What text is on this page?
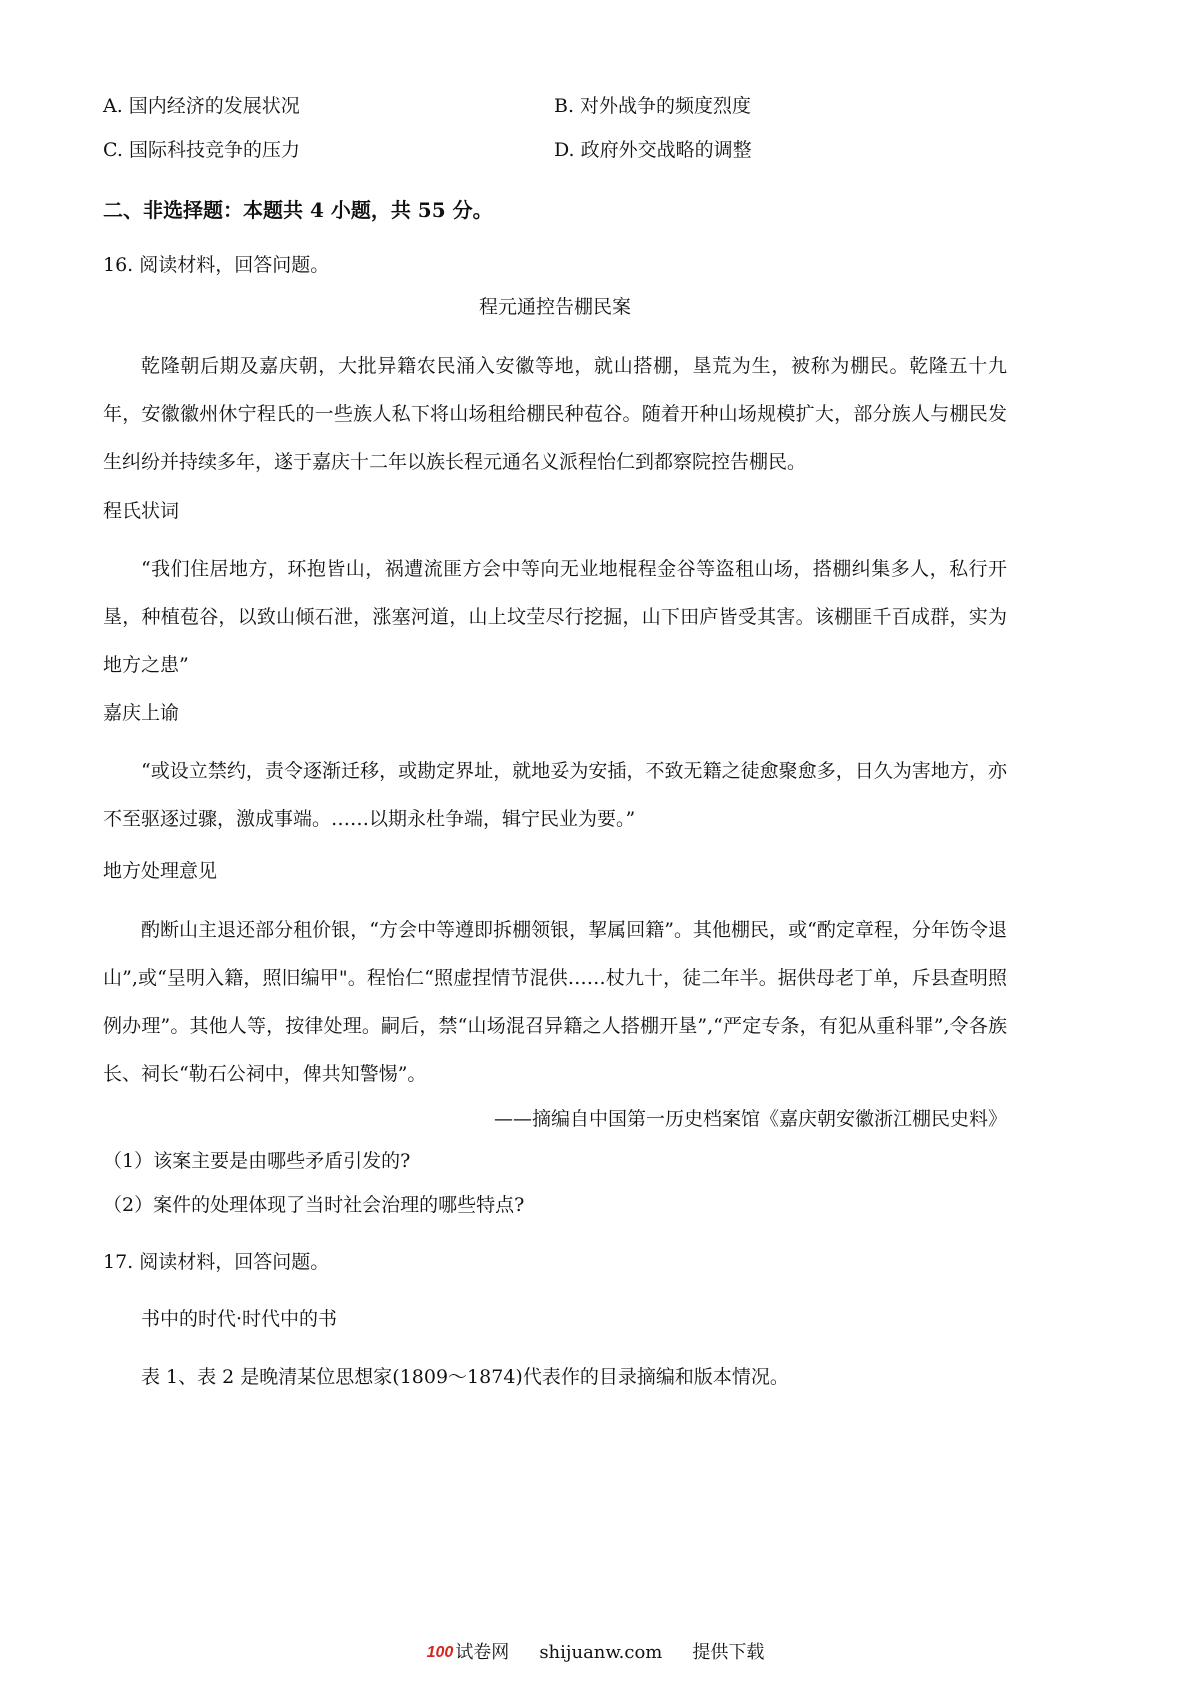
A. 国内经济的发展状况	B. 对外战争的频度烈度
C. 国际科技竞争的压力	D. 政府外交战略的调整
二、非选择题：本题共 4 小题，共 55 分。
16. 阅读材料，回答问题。
程元通控告棚民案
乾隆朝后期及嘉庆朝，大批异籍农民涌入安徽等地，就山搭棚，垦荒为生，被称为棚民。乾隆五十九年，安徽徽州休宁程氏的一些族人私下将山场租给棚民种苞谷。随着开种山场规模扩大，部分族人与棚民发生纠纷并持续多年，遂于嘉庆十二年以族长程元通名义派程怡仁到都察院控告棚民。
程氏状词
“我们住居地方，环抱皆山，祸遭流匪方会中等向无业地棍程金谷等盗租山场，搭棚纠集多人，私行开垦，种植苞谷，以致山倾石泄，涨塞河道，山上坟茔尽行挖掘，山下田庐皆受其害。该棚匪千百成群，实为地方之患”
嘉庆上谕
“或设立禁约，责令逐渐迁移，或勘定界址，就地妥为安插，不致无籍之徒愈聚愈多，日久为害地方，亦不至驱逐过骤，激成事端。……以期永杜争端，辑宁民业为要。”
地方处理意见
酌断山主退还部分租价银，“方会中等遵即拆棚领银，挈属回籍”。其他棚民，或“酌定章程，分年饬令退山”,或“呈明入籍，照旧编甲"。程怡仁“照虚捏情节混供……杖九十，徒二年半。据供母老丁单，斥县查明照例办理”。其他人等，按律处理。嗣后，禁“山场混召异籍之人搭棚开垦”,“严定专条，有犯从重科罪”,令各族长、祠长“勒石公祠中，俾共知警惕”。
——摘编自中国第一历史档案馆《嘉庆朝安徽浙江棚民史料》
（1）该案主要是由哪些矛盾引发的?
（2）案件的处理体现了当时社会治理的哪些特点?
17. 阅读材料，回答问题。
书中的时代·时代中的书
表 1、表 2 是晚清某位思想家(1809～1874)代表作的目录摘编和版本情况。
100 试卷网 shijuanw.com 提供下载
